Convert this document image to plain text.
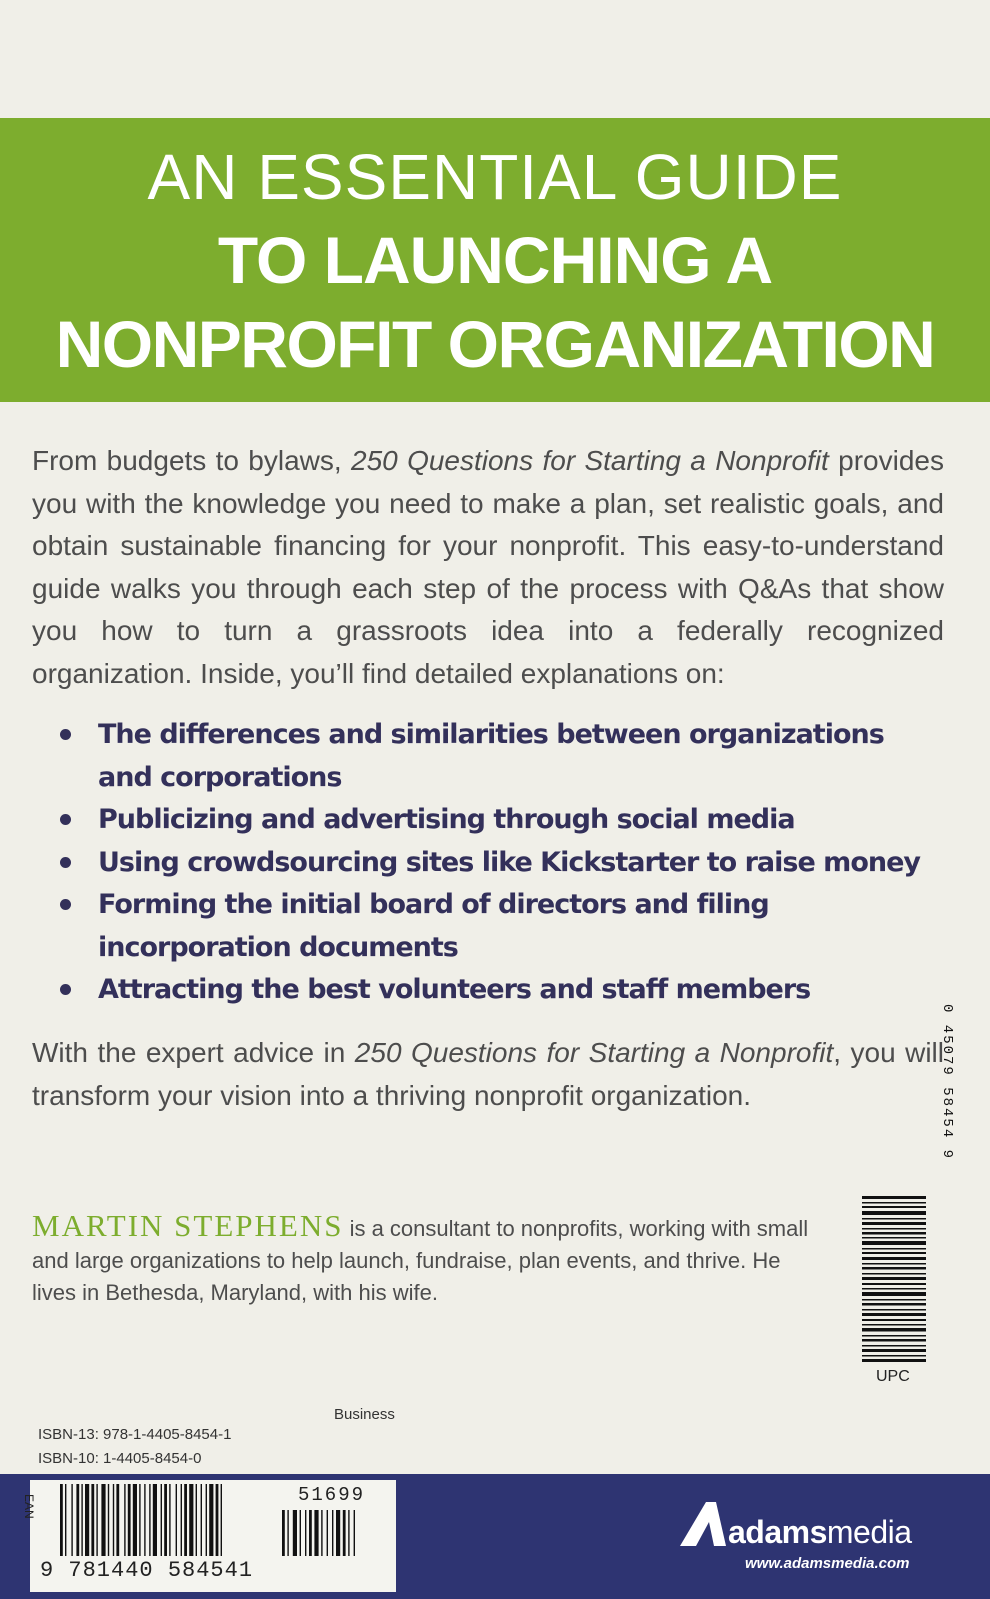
AN ESSENTIAL GUIDE
TO LAUNCHING A
NONPROFIT ORGANIZATION
From budgets to bylaws, 250 Questions for Starting a Nonprofit provides you with the knowledge you need to make a plan, set realistic goals, and obtain sustainable financing for your nonprofit. This easy-to-understand guide walks you through each step of the process with Q&As that show you how to turn a grassroots idea into a federally recognized organization. Inside, you’ll find detailed explanations on:
The differences and similarities between organizations and corporations
Publicizing and advertising through social media
Using crowdsourcing sites like Kickstarter to raise money
Forming the initial board of directors and filing incorporation documents
Attracting the best volunteers and staff members
With the expert advice in 250 Questions for Starting a Nonprofit, you will transform your vision into a thriving nonprofit organization.
MARTIN STEPHENS is a consultant to nonprofits, working with small and large organizations to help launch, fundraise, plan events, and thrive. He lives in Bethesda, Maryland, with his wife.
0 45079 58454 9
UPC
Business
ISBN-13: 978-1-4405-8454-1
ISBN-10: 1-4405-8454-0
EAN
9 781440 584541
51699
adamsmedia
www.adamsmedia.com
